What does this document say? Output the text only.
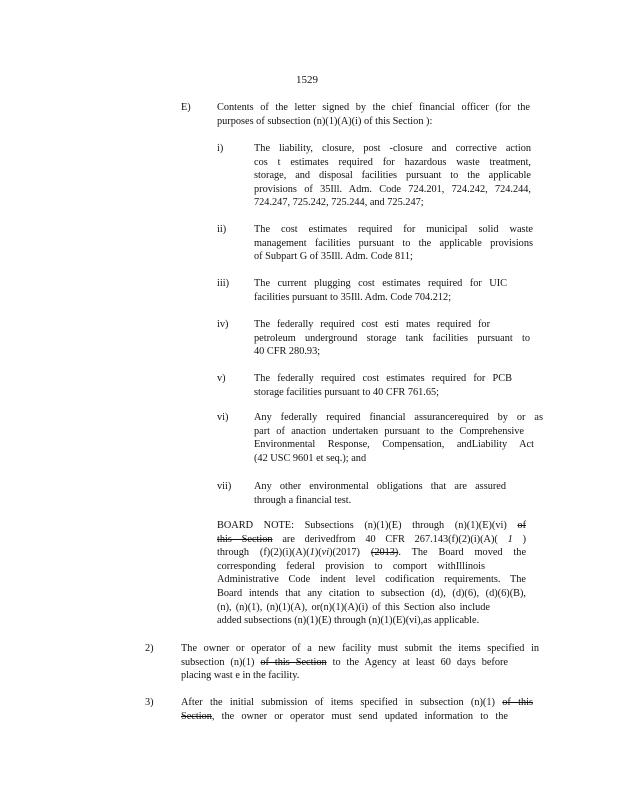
1529
E)	Contents of the letter signed by the chief financial officer (for the
purposes of subsection (n)(1)(A)(i) of this Section ):
i)	The liability, closure, post -closure and corrective action
cos t estimates required for hazardous waste treatment,
storage, and disposal facilities pursuant to the applicable
provisions of 35Ill. Adm. Code 724.201, 724.242, 724.244,
724.247, 725.242, 725.244, and 725.247;
ii)	The cost estimates required for municipal solid waste
management facilities pursuant to the applicable provisions
of Subpart G of 35Ill. Adm. Code 811;
iii) The current plugging cost estimates required for UIC
facilities pursuant to 35Ill. Adm. Code 704.212;
iv) The federally required cost esti mates required for
petroleum underground storage tank facilities pursuant to
40 CFR 280.93;
v)	The federally required cost estimates required for PCB
storage facilities pursuant to 40 CFR 761.65;
vi) Any federally required financial assurancerequired by or as
part of anaction undertaken pursuant to the Comprehensive
Environmental Response, Compensation, andLiability Act
(42 USC 9601 et seq.); and
vii) Any other environmental obligations that are assured
through a financial test.
BOARD NOTE: Subsections (n)(1)(E) through (n)(1)(E)(vi) of
this Section are derivedfrom 40 CFR 267.143(f)(2)(i)(A)( 1 )
through (f)(2)(i)(A)(1)(vi)(2017) (2013). The Board moved the
corresponding federal provision to comport withIllinois
Administrative Code indent level codification requirements. The
Board intends that any citation to subsection (d), (d)(6), (d)(6)(B),
(n), (n)(1), (n)(1)(A), or(n)(1)(A)(i) of this Section also include
added subsections (n)(1)(E) through (n)(1)(E)(vi),as applicable.
2)	The owner or operator of a new facility must submit the items specified in
subsection (n)(1) of this Section to the Agency at least 60 days before
placing wast e in the facility.
3)	After the initial submission of items specified in subsection (n)(1) of this
Section, the owner or operator must send updated information to the
